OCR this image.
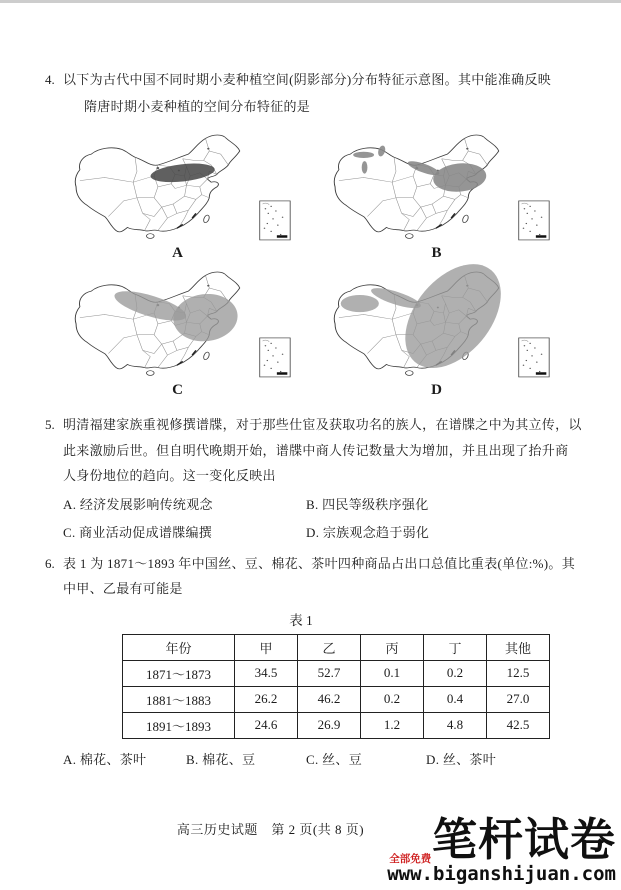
4. 以下为古代中国不同时期小麦种植空间(阴影部分)分布特征示意图。其中能准确反映
隋唐时期小麦种植的空间分布特征的是
A	B
C	D
5. 明清福建家族重视修撰谱牒，对于那些仕宦及获取功名的族人，在谱牒之中为其立传，以
此来激励后世。但自明代晚期开始，谱牒中商人传记数量大为增加，并且出现了抬升商
人身份地位的趋向。这一变化反映出
A. 经济发展影响传统观念	B. 四民等级秩序强化
C. 商业活动促成谱牒编撰	D. 宗族观念趋于弱化
6. 表 1 为 1871～1893 年中国丝、豆、棉花、茶叶四种商品占出口总值比重表(单位:%)。其
中甲、乙最有可能是
表 1
年份	甲	乙	丙	丁	其他
1871～1873	34.5	52.7	0.1	0.2	12.5
1881～1883	26.2	46.2	0.2	0.4	27.0
1891～1893	24.6	26.9	1.2	4.8	42.5
A. 棉花、茶叶	B. 棉花、豆	C. 丝、豆	D. 丝、茶叶
高三历史试题　第 2 页(共 8 页)	笔杆试卷
全部免费
www.biganshijuan.com
